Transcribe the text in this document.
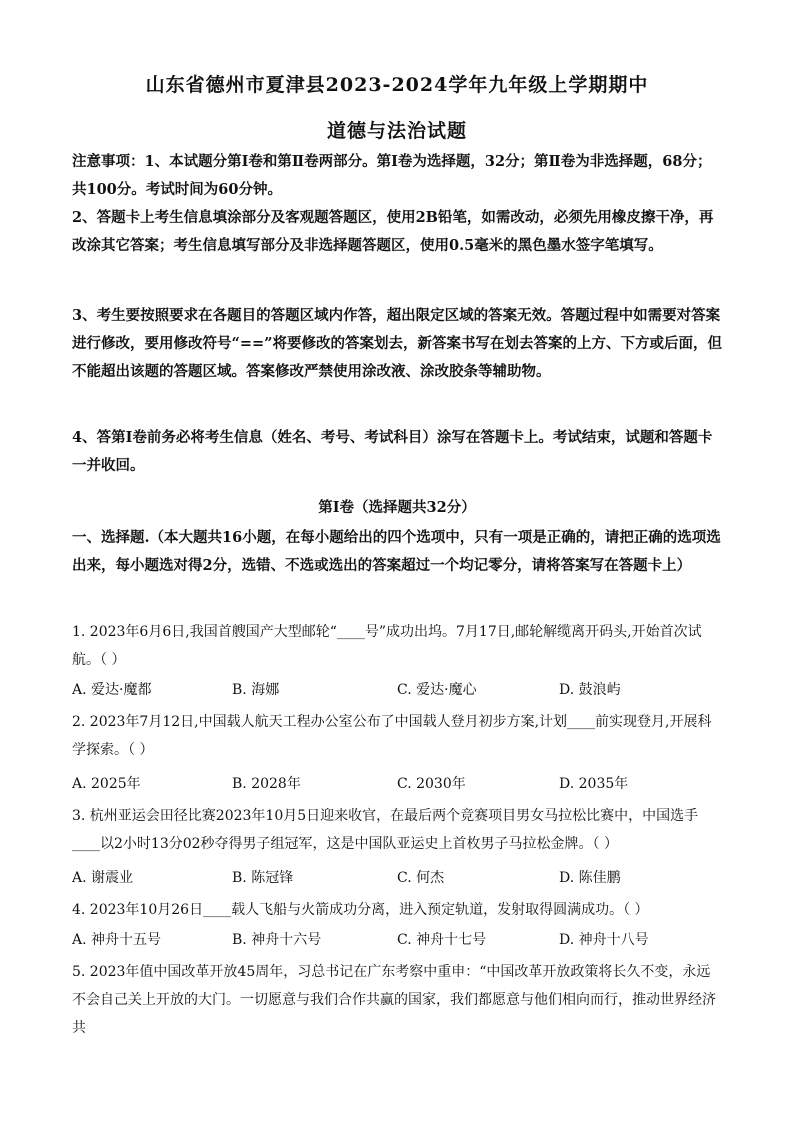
山东省德州市夏津县2023-2024学年九年级上学期期中
道德与法治试题
注意事项：1、本试题分第Ⅰ卷和第Ⅱ卷两部分。第Ⅰ卷为选择题，32分；第Ⅱ卷为非选择题，68分；共100分。考试时间为60分钟。
2、答题卡上考生信息填涂部分及客观题答题区，使用2B铅笔，如需改动，必须先用橡皮擦干净，再改涂其它答案；考生信息填写部分及非选择题答题区，使用0.5毫米的黑色墨水签字笔填写。
3、考生要按照要求在各题目的答题区域内作答，超出限定区域的答案无效。答题过程中如需要对答案进行修改，要用修改符号“==”将要修改的答案划去，新答案书写在划去答案的上方、下方或后面，但不能超出该题的答题区域。答案修改严禁使用涂改液、涂改胶条等辅助物。
4、答第Ⅰ卷前务必将考生信息（姓名、考号、考试科目）涂写在答题卡上。考试结束，试题和答题卡一并收回。
第Ⅰ卷（选择题共32分）
一、选择题.（本大题共16小题，在每小题给出的四个选项中，只有一项是正确的，请把正确的选项选出来，每小题选对得2分，选错、不选或选出的答案超过一个均记零分，请将答案写在答题卡上）
1. 2023年6月6日,我国首艘国产大型邮轮“____号”成功出坞。7月17日,邮轮解缆离开码头,开始首次试航。（ ）
A. 爱达·魔都	B. 海娜	C. 爱达·魔心	D. 鼓浪屿
2. 2023年7月12日,中国载人航天工程办公室公布了中国载人登月初步方案,计划____前实现登月,开展科学探索。（ ）
A. 2025年	B. 2028年	C. 2030年	D. 2035年
3. 杭州亚运会田径比赛2023年10月5日迎来收官，在最后两个竞赛项目男女马拉松比赛中，中国选手____以2小时13分02秒夺得男子组冠军，这是中国队亚运史上首枚男子马拉松金牌。（ ）
A. 谢震业	B. 陈冠锋	C. 何杰	D. 陈佳鹏
4. 2023年10月26日____载人飞船与火箭成功分离，进入预定轨道，发射取得圆满成功。（ ）
A. 神舟十五号	B. 神舟十六号	C. 神舟十七号	D. 神舟十八号
5. 2023年值中国改革开放45周年，习总书记在广东考察中重申：“中国改革开放政策将长久不变，永远不会自己关上开放的大门。一切愿意与我们合作共赢的国家，我们都愿意与他们相向而行，推动世界经济共
